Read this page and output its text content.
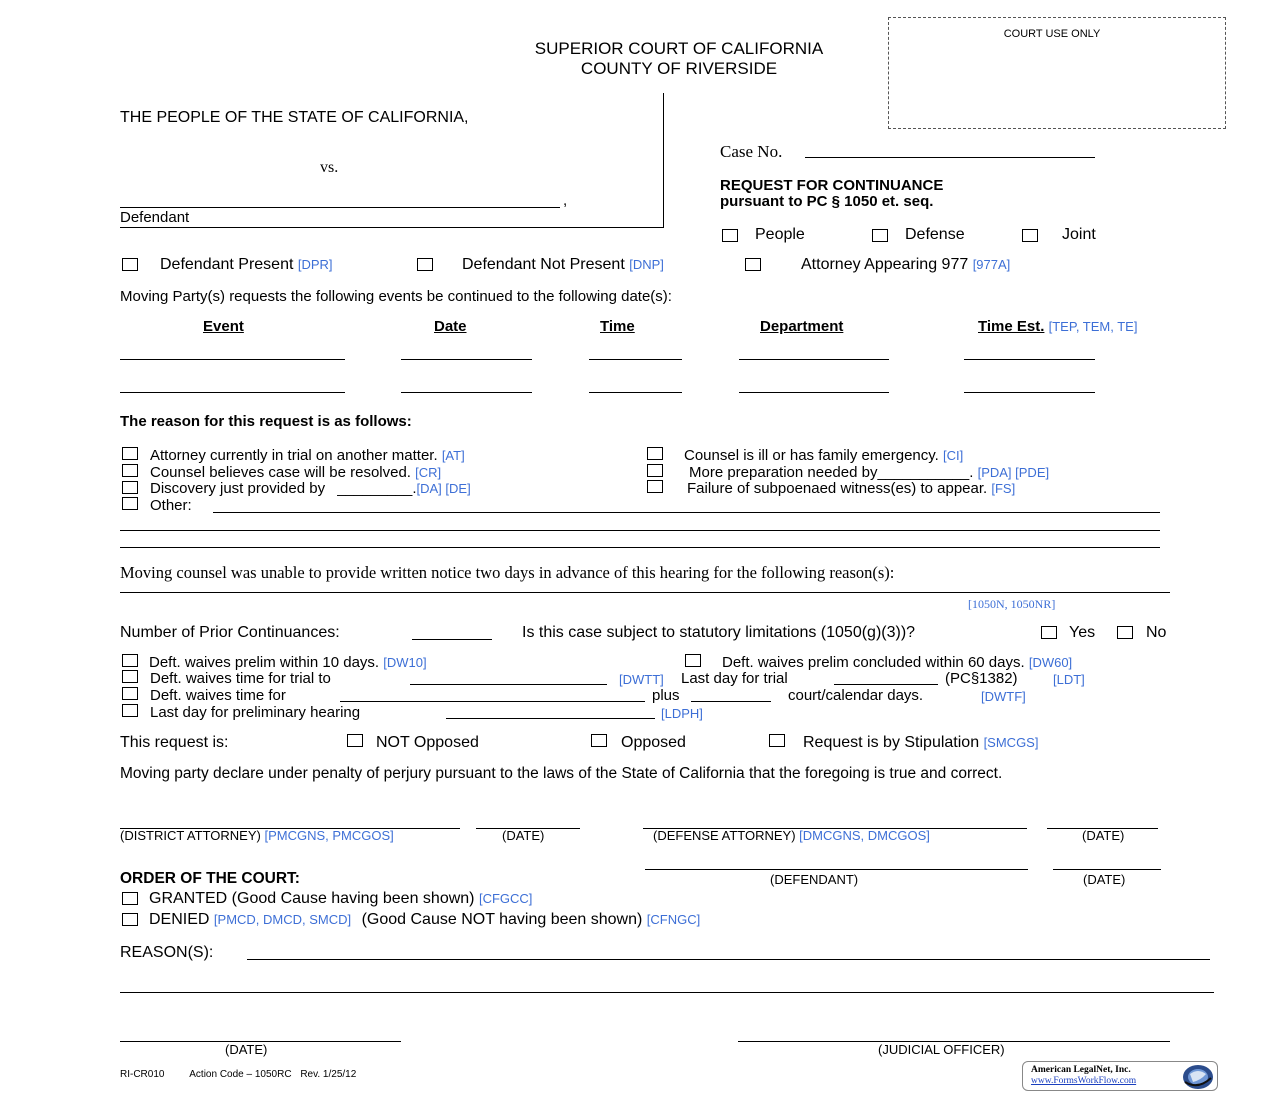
SUPERIOR COURT OF CALIFORNIA
COUNTY OF RIVERSIDE
COURT USE ONLY
THE PEOPLE OF THE STATE OF CALIFORNIA,
vs.
,
Defendant
Case No.
REQUEST FOR CONTINUANCE
pursuant to PC § 1050 et. seq.
People	Defense	Joint
Defendant Present [DPR]	Defendant Not Present [DNP]	Attorney Appearing 977 [977A]
Moving Party(s) requests the following events be continued to the following date(s):
Event	Date	Time	Department	Time Est. [TEP, TEM, TE]
The reason for this request is as follows:
Attorney currently in trial on another matter. [AT]
Counsel believes case will be resolved. [CR]
Discovery just provided by _________.[DA] [DE]
Other:
Counsel is ill or has family emergency. [CI]
More preparation needed by___________. [PDA] [PDE]
Failure of subpoenaed witness(es) to appear. [FS]
Moving counsel was unable to provide written notice two days in advance of this hearing for the following reason(s):
[1050N, 1050NR]
Number of Prior Continuances:	Is this case subject to statutory limitations (1050(g)(3))?	Yes	No
Deft. waives prelim within 10 days. [DW10]	Deft. waives prelim concluded within 60 days. [DW60]
Deft. waives time for trial to	[DWTT] Last day for trial	(PC§1382)	[LDT]
Deft. waives time for	plus	court/calendar days.	[DWTF]
Last day for preliminary hearing	[LDPH]
This request is:	NOT Opposed	Opposed	Request is by Stipulation [SMCGS]
Moving party declare under penalty of perjury pursuant to the laws of the State of California that the foregoing is true and correct.
(DISTRICT ATTORNEY) [PMCGNS, PMCGOS]	(DATE)	(DEFENSE ATTORNEY) [DMCGNS, DMCGOS]	(DATE)
(DEFENDANT)	(DATE)
ORDER OF THE COURT:
GRANTED (Good Cause having been shown) [CFGCC]
DENIED [PMCD, DMCD, SMCD] (Good Cause NOT having been shown) [CFNGC]
REASON(S):
(DATE)	(JUDICIAL OFFICER)
RI-CR010 Action Code – 1050RC Rev. 1/25/12	American LegalNet, Inc.
www.FormsWorkFlow.com
